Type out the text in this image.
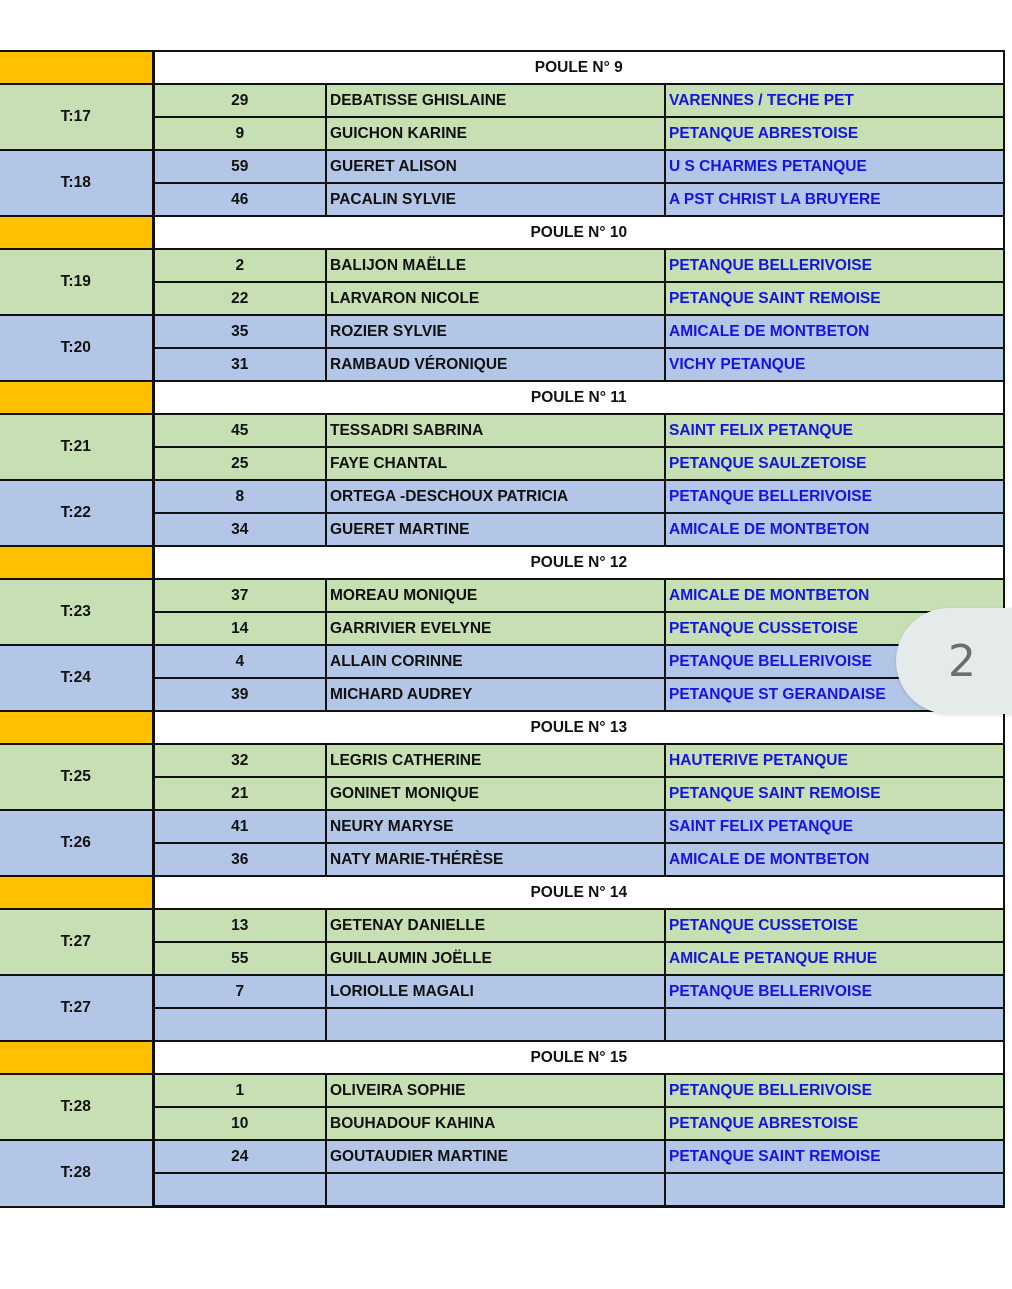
	POULE N° 9		
T:17	29	DEBATISSE GHISLAINE	VARENNES / TECHE PET
	9	GUICHON KARINE	PETANQUE ABRESTOISE
T:18	59	GUERET ALISON	U S CHARMES PETANQUE
	46	PACALIN SYLVIE	A PST CHRIST LA BRUYERE
	POULE N° 10		
T:19	2	BALIJON MAËLLE	PETANQUE BELLERIVOISE
	22	LARVARON NICOLE	PETANQUE SAINT REMOISE
T:20	35	ROZIER SYLVIE	AMICALE DE MONTBETON
	31	RAMBAUD VÉRONIQUE	VICHY PETANQUE
	POULE N° 11		
T:21	45	TESSADRI SABRINA	SAINT FELIX PETANQUE
	25	FAYE CHANTAL	PETANQUE SAULZETOISE
T:22	8	ORTEGA -DESCHOUX PATRICIA	PETANQUE BELLERIVOISE
	34	GUERET MARTINE	AMICALE DE MONTBETON
	POULE N° 12		
T:23	37	MOREAU MONIQUE	AMICALE DE MONTBETON
	14	GARRIVIER EVELYNE	PETANQUE CUSSETOISE
T:24	4	ALLAIN CORINNE	PETANQUE BELLERIVOISE
	39	MICHARD AUDREY	PETANQUE ST GERANDAISE
	POULE N° 13		
T:25	32	LEGRIS CATHERINE	HAUTERIVE PETANQUE
	21	GONINET MONIQUE	PETANQUE SAINT REMOISE
T:26	41	NEURY MARYSE	SAINT FELIX PETANQUE
	36	NATY MARIE-THÉRÈSE	AMICALE DE MONTBETON
	POULE N° 14		
T:27	13	GETENAY DANIELLE	PETANQUE CUSSETOISE
	55	GUILLAUMIN JOËLLE	AMICALE PETANQUE RHUE
T:27	7	LORIOLLE MAGALI	PETANQUE BELLERIVOISE

	POULE N° 15		
T:28	1	OLIVEIRA SOPHIE	PETANQUE BELLERIVOISE
	10	BOUHADOUF KAHINA	PETANQUE ABRESTOISE
T:28	24	GOUTAUDIER MARTINE	PETANQUE SAINT REMOISE

2
